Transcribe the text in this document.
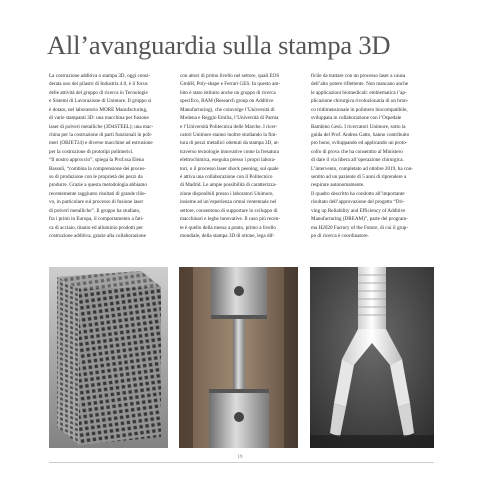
All’avanguardia sulla stampa 3D

La costruzione additiva o stampa 3D, oggi consi-

derata uno dei pilastri di Industria 4.0, è il focus

delle attività del gruppo di ricerca in Tecnologie

e Sistemi di Lavorazione di Unimore. Il gruppo si

è dotato, nel laboratorio MORE Manufacturing,

di varie stampanti 3D: una macchina per fusione

laser di polveri metalliche (3D4STEEL); una mac-

china per la costruzione di parti funzionali in poli-

meri (OBJET24) e diverse macchine ad estrusione

per la costruzione di prototipi polimerici.

“Il nostro approccio”, spiega la Prof.ssa Elena

Bassoli, “combina la comprensione dei proces-

so di produzione con le proprietà dei pezzi da

produrre. Grazie a questa metodologia abbiamo

recentemente raggiunto risultati di grande rilie-

vo, in particolare sul processo di fusione laser

di polveri metalliche”. Il gruppo ha studiato,

fra i primi in Europa, il comportamento a fati-

ca di acciaio, titanio ed alluminio prodotti per

costruzione additiva, grazie alla collaborazione

con attori di primo livello nel settore, quali EOS

GmbH, Poly-shape e Ferrari GES. In questo am-

bito è stato istituito anche un gruppo di ricerca

specifico, RAM (Research group on Additive

Manufacturing), che coinvolge l’Università di

Modena e Reggio Emilia, l’Università di Parma

e l’Università Politecnica delle Marche. I ricer-

catori Unimore stanno inoltre studiando la fini-

tura di pezzi metallici ottenuti da stampa 3D, at-

traverso tecnologie innovative come la fresatura

elettrochimica, eseguita presso i propri labora-

tori, o il processo laser shock peening, sul quale

è attiva una collaborazione con il Politecnico

di Madrid. Le ampie possibilità di caratterizza-

zione disponibili presso i laboratori Unimore,

insieme ad un’esperienza ormai ventennale nel

settore, consentono di supportare lo sviluppo di

macchinari e leghe innovative. Il caso più recen-

te è quello della messa a punto, primo a livello

mondiale, della stampa 3D di ottone, lega dif-

ficile da trattare con un processo laser a causa

dell’alto potere riflettente. Non mancano anche

le applicazioni biomedicali: emblematica l’ap-

plicazione chirurgica rivoluzionaria di un bron-

co tridimensionale in polimero biocompatibile,

sviluppata in collaborazione con l’Ospedale

Bambino Gesù. I ricercatori Unimore, sotto la

guida del Prof. Andrea Gatto, hanno contribuito

pro bono, sviluppando ed applicando un proto-

collo di prova che ha consentito al Ministero

di dare il via libera all’operazione chirurgica.

L’intervento, completato ad ottobre 2019, ha con-

sentito ad un paziente di 5 anni di riprendere a

respirare autonomamente.

Il quadro descritto ha condotto all’importante

risultato dell’approvazione del progetto “Dri-

ving up Reliability and Efficiency of Additive

Manufacturing (DREAM)”, parte del program-

ma H2020 Factory of the Future, di cui il grup-

po di ricerca è coordinatore.

19
